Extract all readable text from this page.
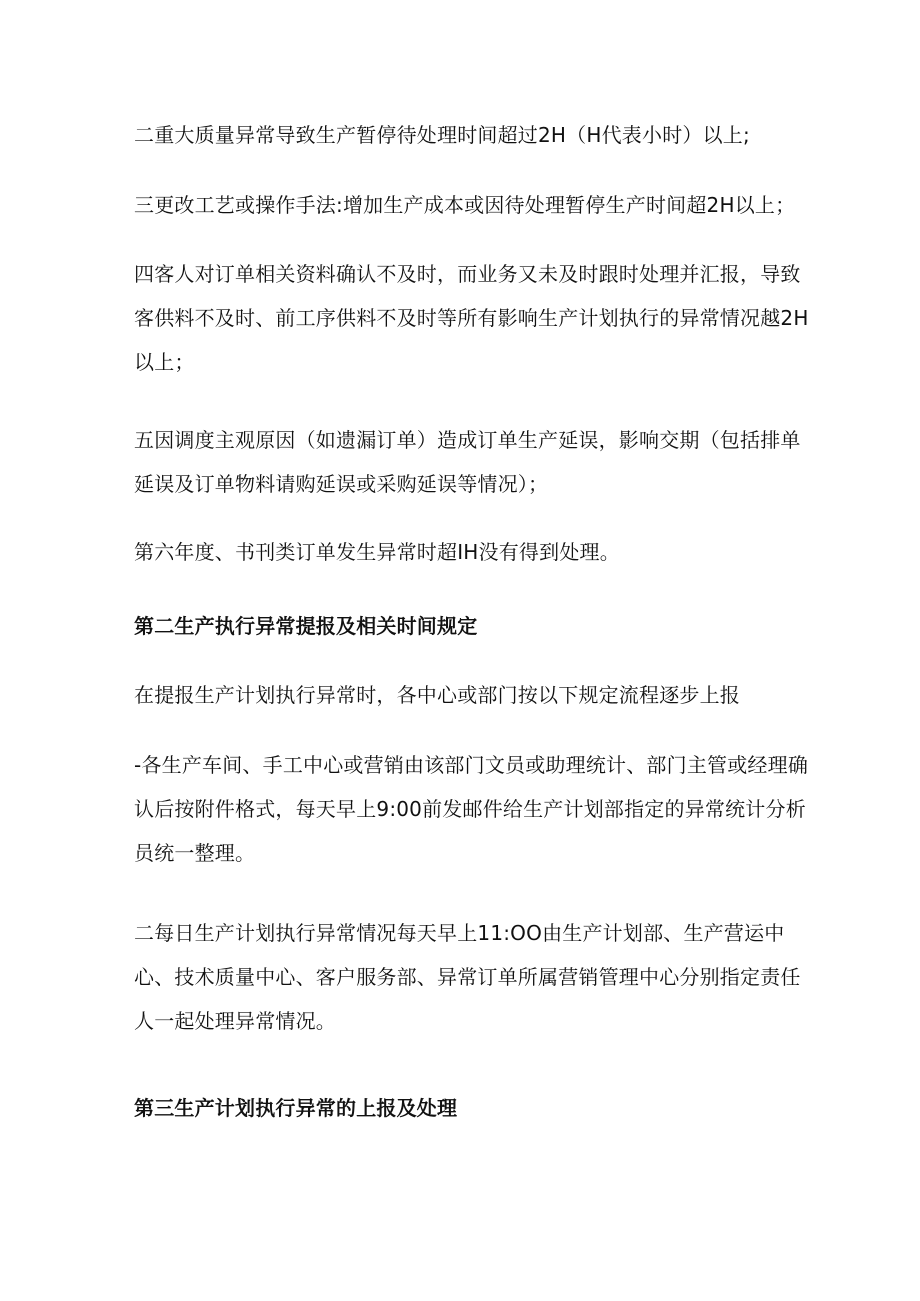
二重大质量异常导致生产暂停待处理时间超过2H（H代表小时）以上;

三更改工艺或操作手法:增加生产成本或因待处理暂停生产时间超2H以上；

四客人对订单相关资料确认不及时，而业务又未及时跟时处理并汇报，导致客供料不及时、前工序供料不及时等所有影响生产计划执行的异常情况越2H以上；

五因调度主观原因（如遗漏订单）造成订单生产延误，影响交期（包括排单延误及订单物料请购延误或采购延误等情况）；

第六年度、书刊类订单发生异常时超IH没有得到处理。

第二生产执行异常提报及相关时间规定

在提报生产计划执行异常时，各中心或部门按以下规定流程逐步上报

-各生产车间、手工中心或营销由该部门文员或助理统计、部门主管或经理确认后按附件格式，每天早上9:00前发邮件给生产计划部指定的异常统计分析员统一整理。

二每日生产计划执行异常情况每天早上11:OO由生产计划部、生产营运中心、技术质量中心、客户服务部、异常订单所属营销管理中心分别指定责任人一起处理异常情况。

第三生产计划执行异常的上报及处理
